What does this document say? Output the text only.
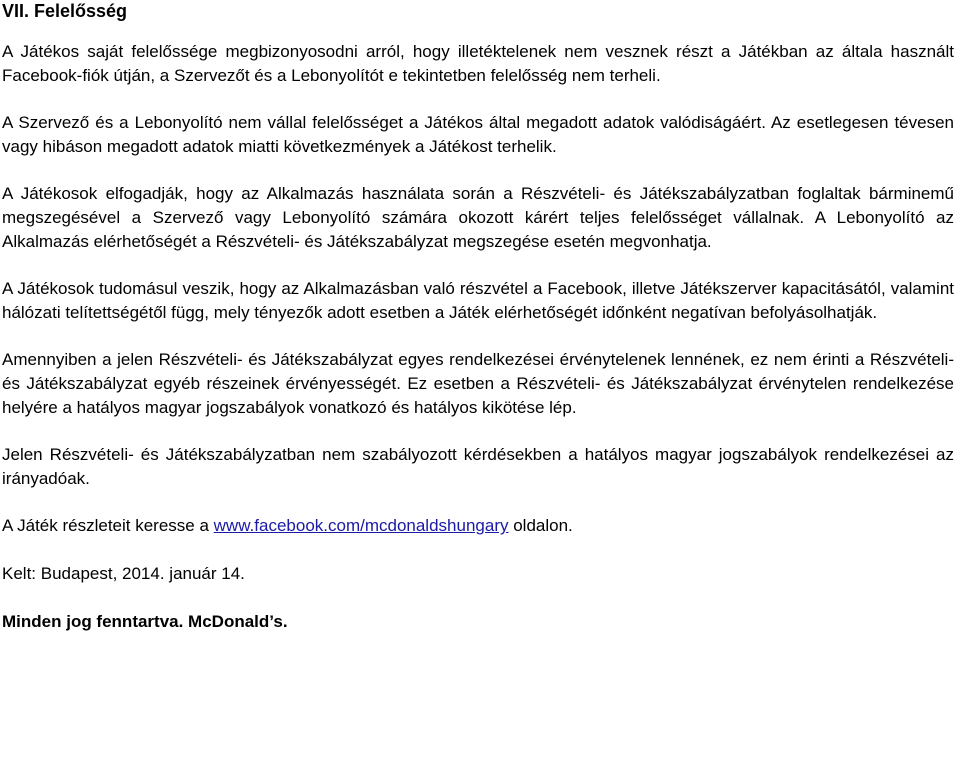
VII. Felelősség
A Játékos saját felelőssége megbizonyosodni arról, hogy illetéktelenek nem vesznek részt a Játékban az általa használt Facebook-fiók útján, a Szervezőt és a Lebonyolítót e tekintetben felelősség nem terheli.
A Szervező és a Lebonyolító nem vállal felelősséget a Játékos által megadott adatok valódiságáért. Az esetlegesen tévesen vagy hibáson megadott adatok miatti következmények a Játékost terhelik.
A Játékosok elfogadják, hogy az Alkalmazás használata során a Részvételi- és Játékszabályzatban foglaltak bárminemű megszegésével a Szervező vagy Lebonyolító számára okozott kárért teljes felelősséget vállalnak. A Lebonyolító az Alkalmazás elérhetőségét a Részvételi- és Játékszabályzat megszegése esetén megvonhatja.
A Játékosok tudomásul veszik, hogy az Alkalmazásban való részvétel a Facebook, illetve Játékszerver kapacitásától, valamint hálózati telítettségétől függ, mely tényezők adott esetben a Játék elérhetőségét időnként negatívan befolyásolhatják.
Amennyiben a jelen Részvételi- és Játékszabályzat egyes rendelkezései érvénytelenek lennének, ez nem érinti a Részvételi- és Játékszabályzat egyéb részeinek érvényességét. Ez esetben a Részvételi- és Játékszabályzat érvénytelen rendelkezése helyére a hatályos magyar jogszabályok vonatkozó és hatályos kikötése lép.
Jelen Részvételi- és Játékszabályzatban nem szabályozott kérdésekben a hatályos magyar jogszabályok rendelkezései az irányadóak.
A Játék részleteit keresse a www.facebook.com/mcdonaldshungary oldalon.
Kelt: Budapest, 2014. január 14.
Minden jog fenntartva. McDonald’s.
